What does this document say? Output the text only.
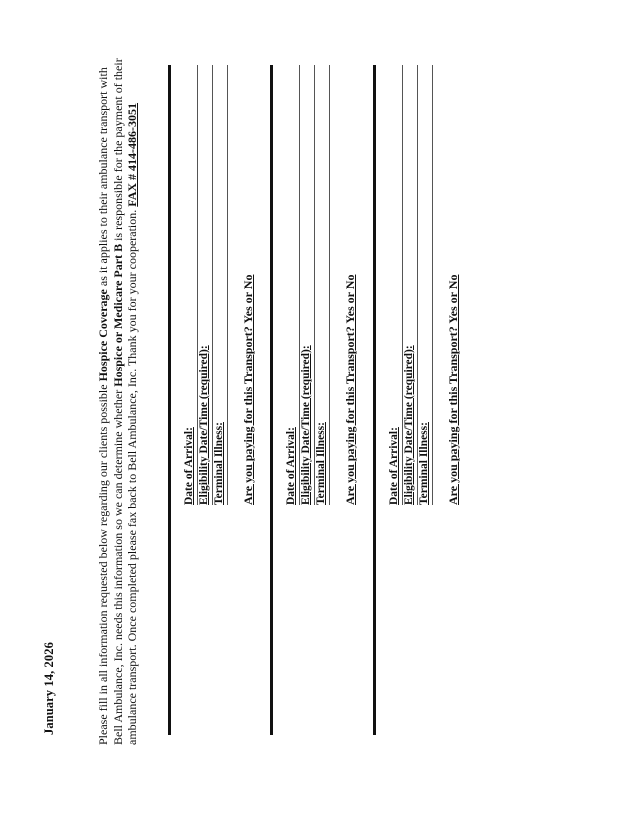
January 14, 2026	Please fill in all information requested below regarding our clients possible Hospice Coverage as it applies to their ambulance transport with Bell Ambulance, Inc. needs this information so we can determine whether Hospice or Medicare Part B is responsible for the payment of their ambulance transport. Once completed please fax back to Bell Ambulance, Inc. Thank you for your cooperation. FAX # 414-486-3051
Date of Arrival: Eligibility Date/Time (required): Terminal Illness: Are you paying for this Transport? Yes or No	Date of Arrival: Eligibility Date/Time (required): Terminal Illness: Are you paying for this Transport? Yes or No	Date of Arrival: Eligibility Date/Time (required): Terminal Illness: Are you paying for this Transport? Yes or No
